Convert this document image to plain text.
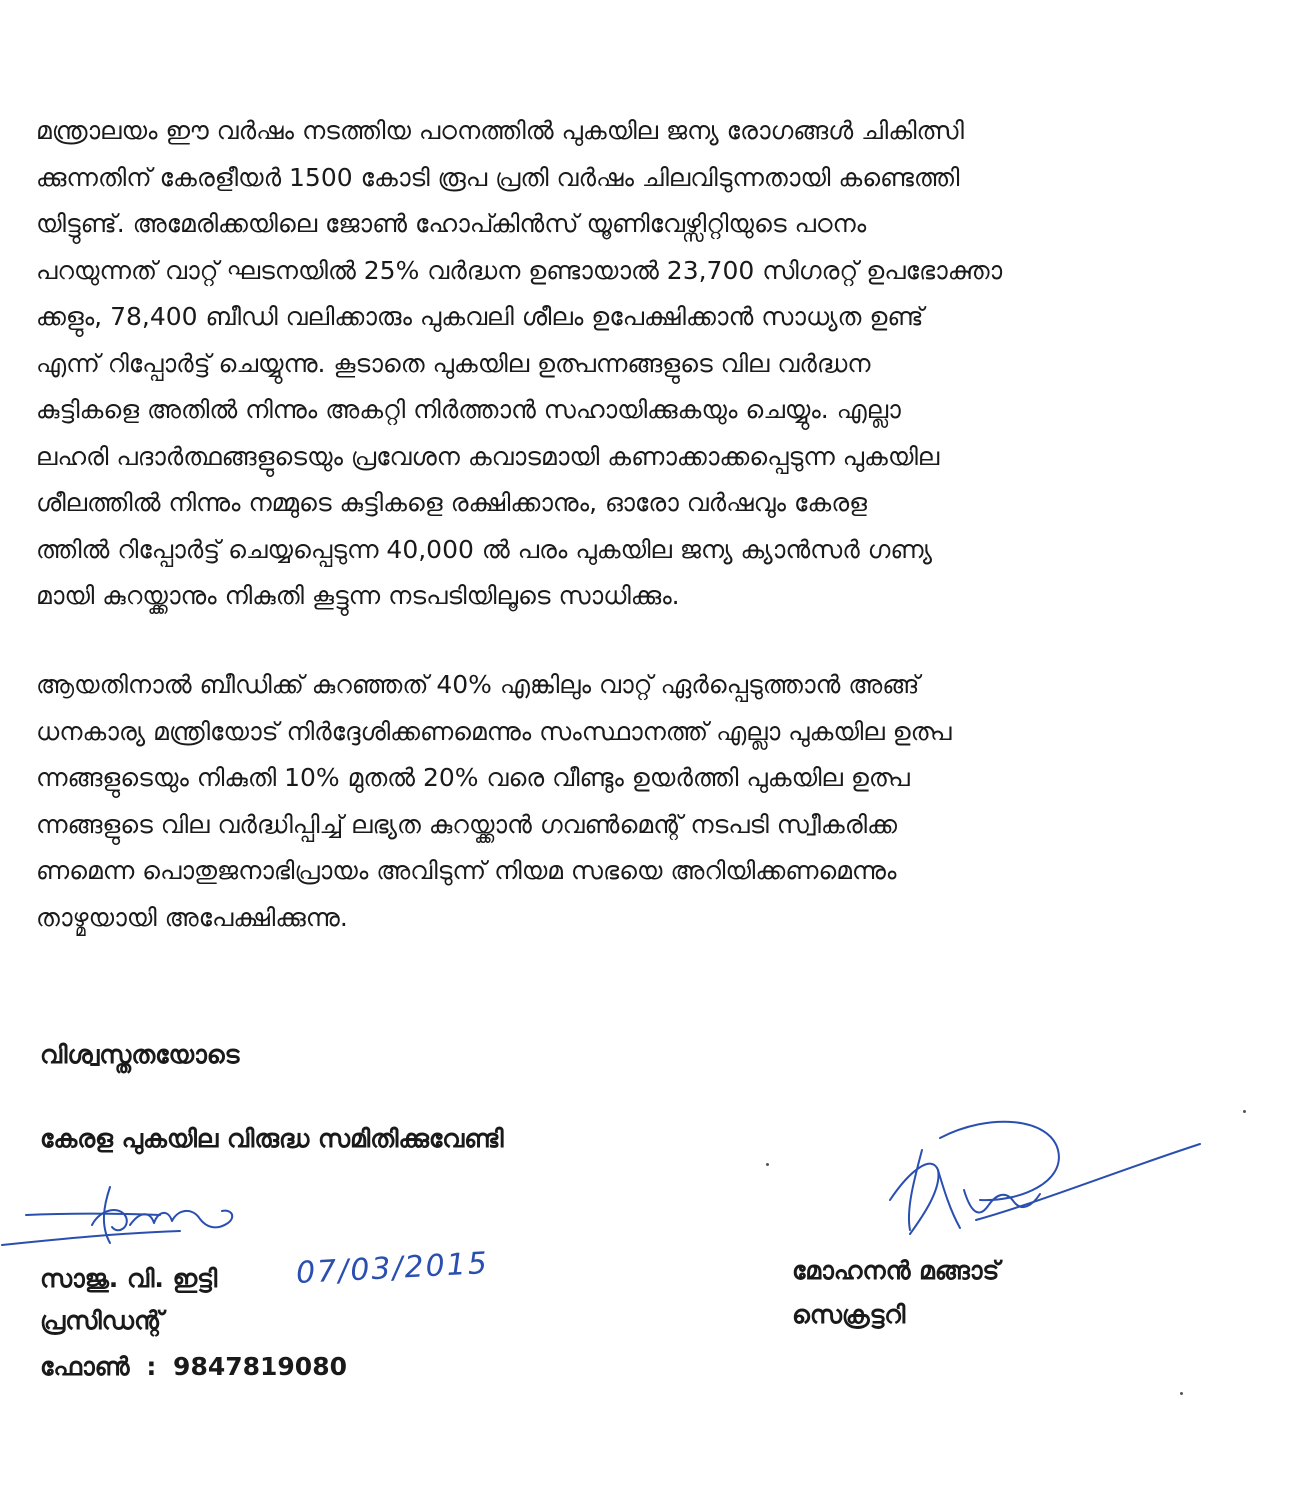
മന്ത്രാലയം ഈ വർഷം നടത്തിയ പഠനത്തിൽ പുകയില ജന്യ രോഗങ്ങൾ ചികിത്സി
ക്കുന്നതിന് കേരളീയർ 1500 കോടി രൂപ പ്രതി വർഷം ചിലവിടുന്നതായി കണ്ടെത്തി
യിട്ടുണ്ട്. അമേരിക്കയിലെ ജോൺ ഹോപ്കിൻസ് യൂണിവേഴ്സിറ്റിയുടെ പഠനം
പറയുന്നത് വാറ്റ് ഘടനയിൽ 25% വർദ്ധന ഉണ്ടായാൽ 23,700 സിഗരറ്റ് ഉപഭോക്താ
ക്കളും, 78,400 ബീഡി വലിക്കാരും പുകവലി ശീലം ഉപേക്ഷിക്കാൻ സാധ്യത ഉണ്ട്
എന്ന് റിപ്പോർട്ട് ചെയ്യുന്നു. കൂടാതെ പുകയില ഉത്പന്നങ്ങളുടെ വില വർദ്ധന
കുട്ടികളെ അതിൽ നിന്നും അകറ്റി നിർത്താൻ സഹായിക്കുകയും ചെയ്യും. എല്ലാ
ലഹരി പദാർത്ഥങ്ങളുടെയും പ്രവേശന കവാടമായി കണാക്കാക്കപ്പെടുന്ന പുകയില
ശീലത്തിൽ നിന്നും നമ്മുടെ കുട്ടികളെ രക്ഷിക്കാനും, ഓരോ വർഷവും കേരള
ത്തിൽ റിപ്പോർട്ട് ചെയ്യപ്പെടുന്ന 40,000 ൽ പരം പുകയില ജന്യ ക്യാൻസർ ഗണ്യ
മായി കുറയ്ക്കാനും നികുതി കൂട്ടുന്ന നടപടിയിലൂടെ സാധിക്കും.
ആയതിനാൽ ബീഡിക്ക് കുറഞ്ഞത് 40% എങ്കിലും വാറ്റ് ഏർപ്പെടുത്താൻ അങ്ങ്
ധനകാര്യ മന്ത്രിയോട് നിർദ്ദേശിക്കണമെന്നും സംസ്ഥാനത്ത് എല്ലാ പുകയില ഉത്പ
ന്നങ്ങളുടെയും നികുതി 10% മുതൽ 20% വരെ വീണ്ടും ഉയർത്തി പുകയില ഉത്പ
ന്നങ്ങളുടെ വില വർദ്ധിപ്പിച്ച് ലഭ്യത കുറയ്ക്കാൻ ഗവൺമെന്റ് നടപടി സ്വീകരിക്ക
ണമെന്ന പൊതുജനാഭിപ്രായം അവിടുന്ന് നിയമ സഭയെ അറിയിക്കണമെന്നും
താഴ്മയായി അപേക്ഷിക്കുന്നു.
വിശ്വസ്തതയോടെ
കേരള പുകയില വിരുദ്ധ സമിതിക്കുവേണ്ടി
07/03/2015
സാജു. വി. ഇട്ടി
പ്രസിഡന്റ്
ഫോൺ : 9847819080
മോഹനൻ മങ്ങാട്
സെക്രട്ടറി
